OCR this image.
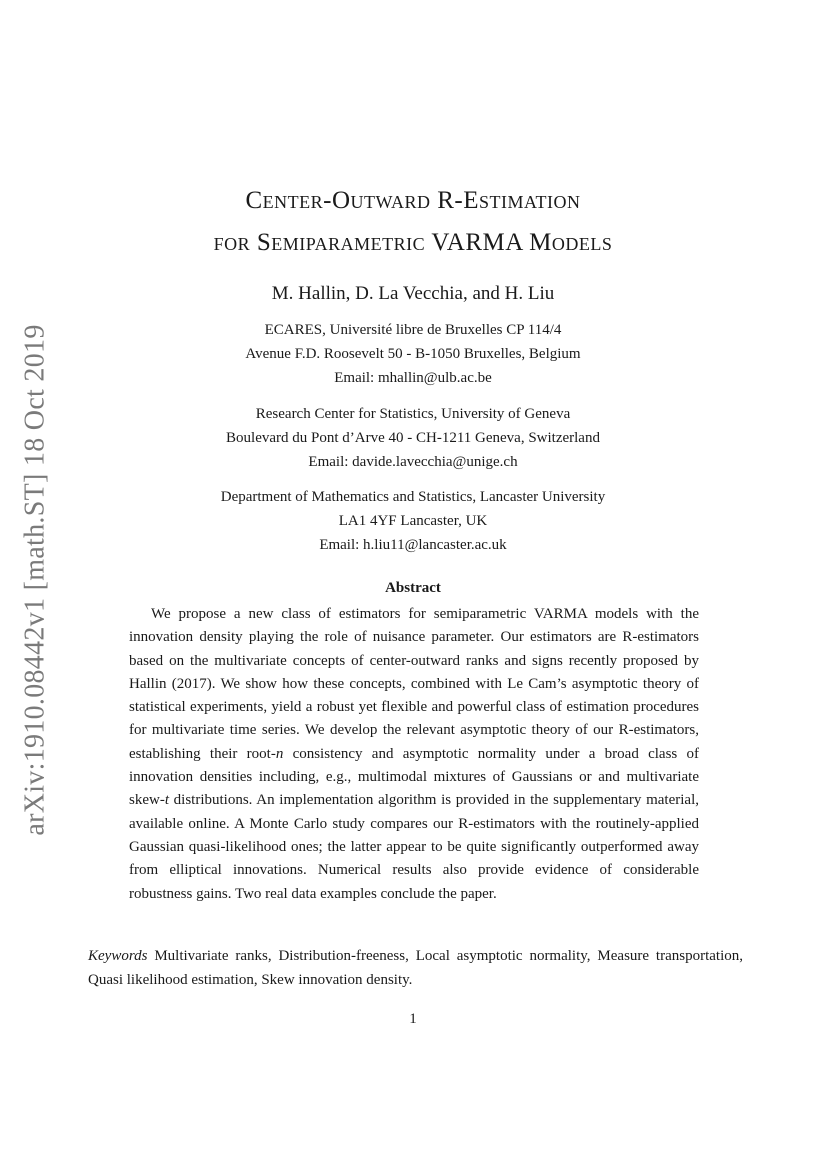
arXiv:1910.08442v1 [math.ST] 18 Oct 2019
Center-Outward R-Estimation
for Semiparametric VARMA Models
M. Hallin, D. La Vecchia, and H. Liu
ECARES, Université libre de Bruxelles CP 114/4
Avenue F.D. Roosevelt 50 - B-1050 Bruxelles, Belgium
Email: mhallin@ulb.ac.be
Research Center for Statistics, University of Geneva
Boulevard du Pont d’Arve 40 - CH-1211 Geneva, Switzerland
Email: davide.lavecchia@unige.ch
Department of Mathematics and Statistics, Lancaster University
LA1 4YF Lancaster, UK
Email: h.liu11@lancaster.ac.uk
Abstract

We propose a new class of estimators for semiparametric VARMA models with the innovation density playing the role of nuisance parameter. Our estimators are R-estimators based on the multivariate concepts of center-outward ranks and signs recently proposed by Hallin (2017). We show how these concepts, combined with Le Cam’s asymptotic theory of statistical experiments, yield a robust yet flexible and powerful class of estimation procedures for multivariate time series. We develop the relevant asymptotic theory of our R-estimators, establishing their root-n consistency and asymptotic normality under a broad class of innovation densities including, e.g., multimodal mixtures of Gaussians or and multivariate skew-t distributions. An implementation algorithm is provided in the supplementary material, available online. A Monte Carlo study compares our R-estimators with the routinely-applied Gaussian quasi-likelihood ones; the latter appear to be quite significantly outperformed away from elliptical innovations. Numerical results also provide evidence of considerable robustness gains. Two real data examples conclude the paper.

Keywords Multivariate ranks, Distribution-freeness, Local asymptotic normality, Measure transportation, Quasi likelihood estimation, Skew innovation density.

1
